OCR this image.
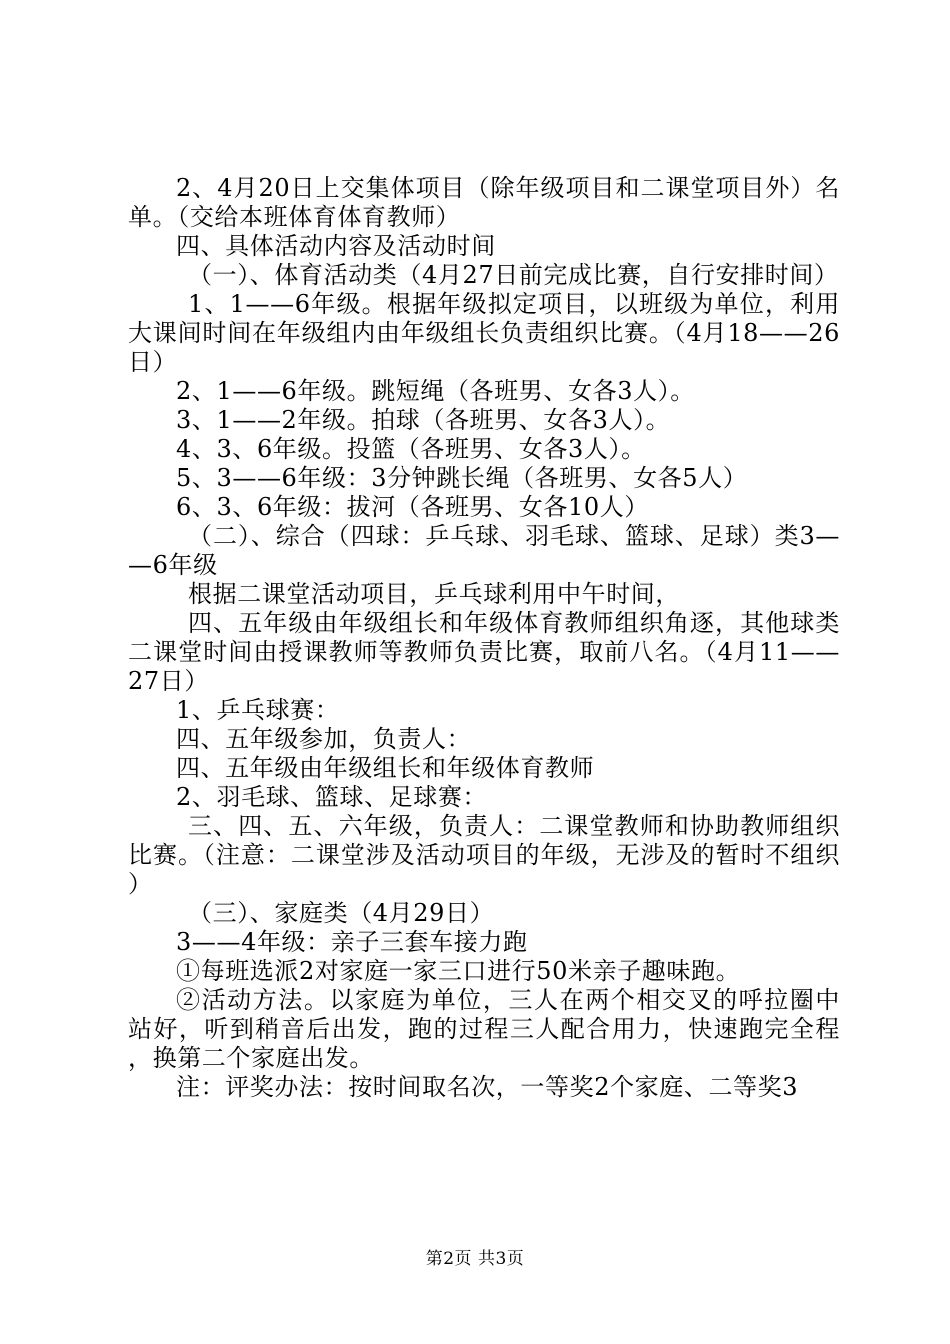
2、4月20日上交集体项目（除年级项目和二课堂项目外）名单。（交给本班体育体育教师）

四、具体活动内容及活动时间

（一）、体育活动类（4月27日前完成比赛，自行安排时间）

1、1——6年级。根据年级拟定项目，以班级为单位，利用大课间时间在年级组内由年级组长负责组织比赛。（4月18——26日）

2、1——6年级。跳短绳（各班男、女各3人）。

3、1——2年级。拍球（各班男、女各3人）。

4、3、6年级。投篮（各班男、女各3人）。

5、3——6年级：3分钟跳长绳（各班男、女各5人）

6、3、6年级：拔河（各班男、女各10人）

（二）、综合（四球：乒乓球、羽毛球、篮球、足球）类3——6年级

根据二课堂活动项目，乒乓球利用中午时间，

四、五年级由年级组长和年级体育教师组织角逐，其他球类二课堂时间由授课教师等教师负责比赛，取前八名。（4月11——27日）

1、乒乓球赛：

四、五年级参加，负责人：

四、五年级由年级组长和年级体育教师

2、羽毛球、篮球、足球赛：

三、四、五、六年级，负责人：二课堂教师和协助教师组织比赛。（注意：二课堂涉及活动项目的年级，无涉及的暂时不组织）

（三）、家庭类（4月29日）

3——4年级：亲子三套车接力跑

①每班选派2对家庭一家三口进行50米亲子趣味跑。

②活动方法。以家庭为单位，三人在两个相交叉的呼拉圈中站好，听到稍音后出发，跑的过程三人配合用力，快速跑完全程，换第二个家庭出发。

注：评奖办法：按时间取名次，一等奖2个家庭、二等奖3

第2页 共3页
